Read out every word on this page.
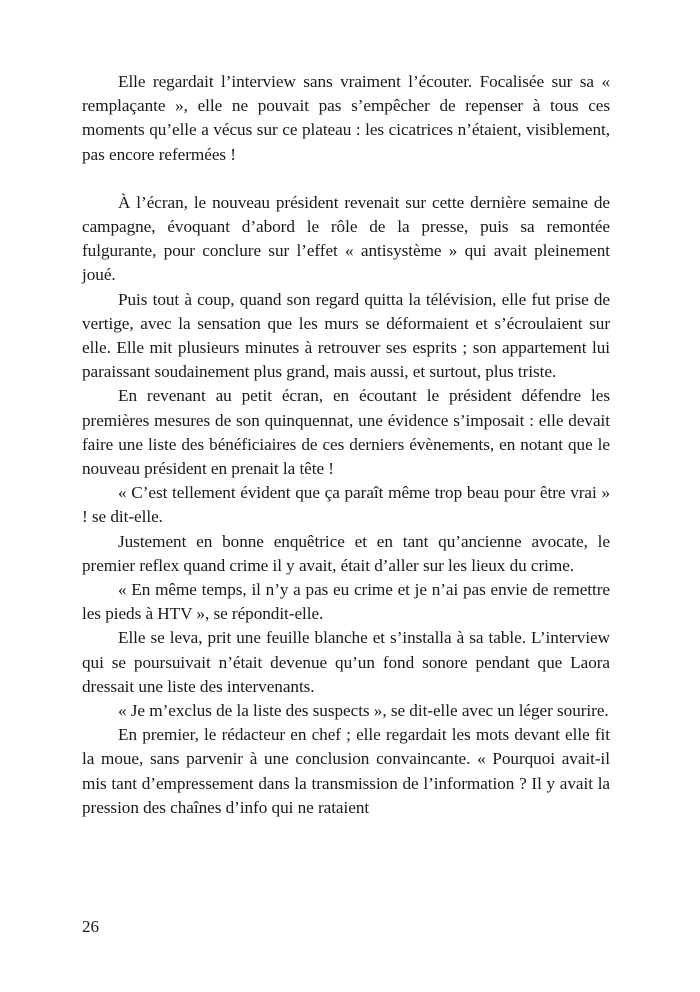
Elle regardait l’interview sans vraiment l’écouter. Focalisée sur sa « remplaçante », elle ne pouvait pas s’empêcher de repenser à tous ces moments qu’elle a vécus sur ce plateau : les cicatrices n’étaient, visiblement, pas encore refermées !

À l’écran, le nouveau président revenait sur cette dernière semaine de campagne, évoquant d’abord le rôle de la presse, puis sa remontée fulgurante, pour conclure sur l’effet « antisystème » qui avait pleinement joué.

Puis tout à coup, quand son regard quitta la télévision, elle fut prise de vertige, avec la sensation que les murs se déformaient et s’écroulaient sur elle. Elle mit plusieurs minutes à retrouver ses esprits ; son appartement lui paraissant soudainement plus grand, mais aussi, et surtout, plus triste.

En revenant au petit écran, en écoutant le président défendre les premières mesures de son quinquennat, une évidence s’imposait : elle devait faire une liste des bénéficiaires de ces derniers évènements, en notant que le nouveau président en prenait la tête !

« C’est tellement évident que ça paraît même trop beau pour être vrai » ! se dit-elle.

Justement en bonne enquêtrice et en tant qu’ancienne avocate, le premier reflex quand crime il y avait, était d’aller sur les lieux du crime.

« En même temps, il n’y a pas eu crime et je n’ai pas envie de remettre les pieds à HTV », se répondit-elle.

Elle se leva, prit une feuille blanche et s’installa à sa table. L’interview qui se poursuivait n’était devenue qu’un fond sonore pendant que Laora dressait une liste des intervenants.

« Je m’exclus de la liste des suspects », se dit-elle avec un léger sourire.

En premier, le rédacteur en chef ; elle regardait les mots devant elle fit la moue, sans parvenir à une conclusion convaincante. « Pourquoi avait-il mis tant d’empressement dans la transmission de l’information ? Il y avait la pression des chaînes d’info qui ne rataient

26
